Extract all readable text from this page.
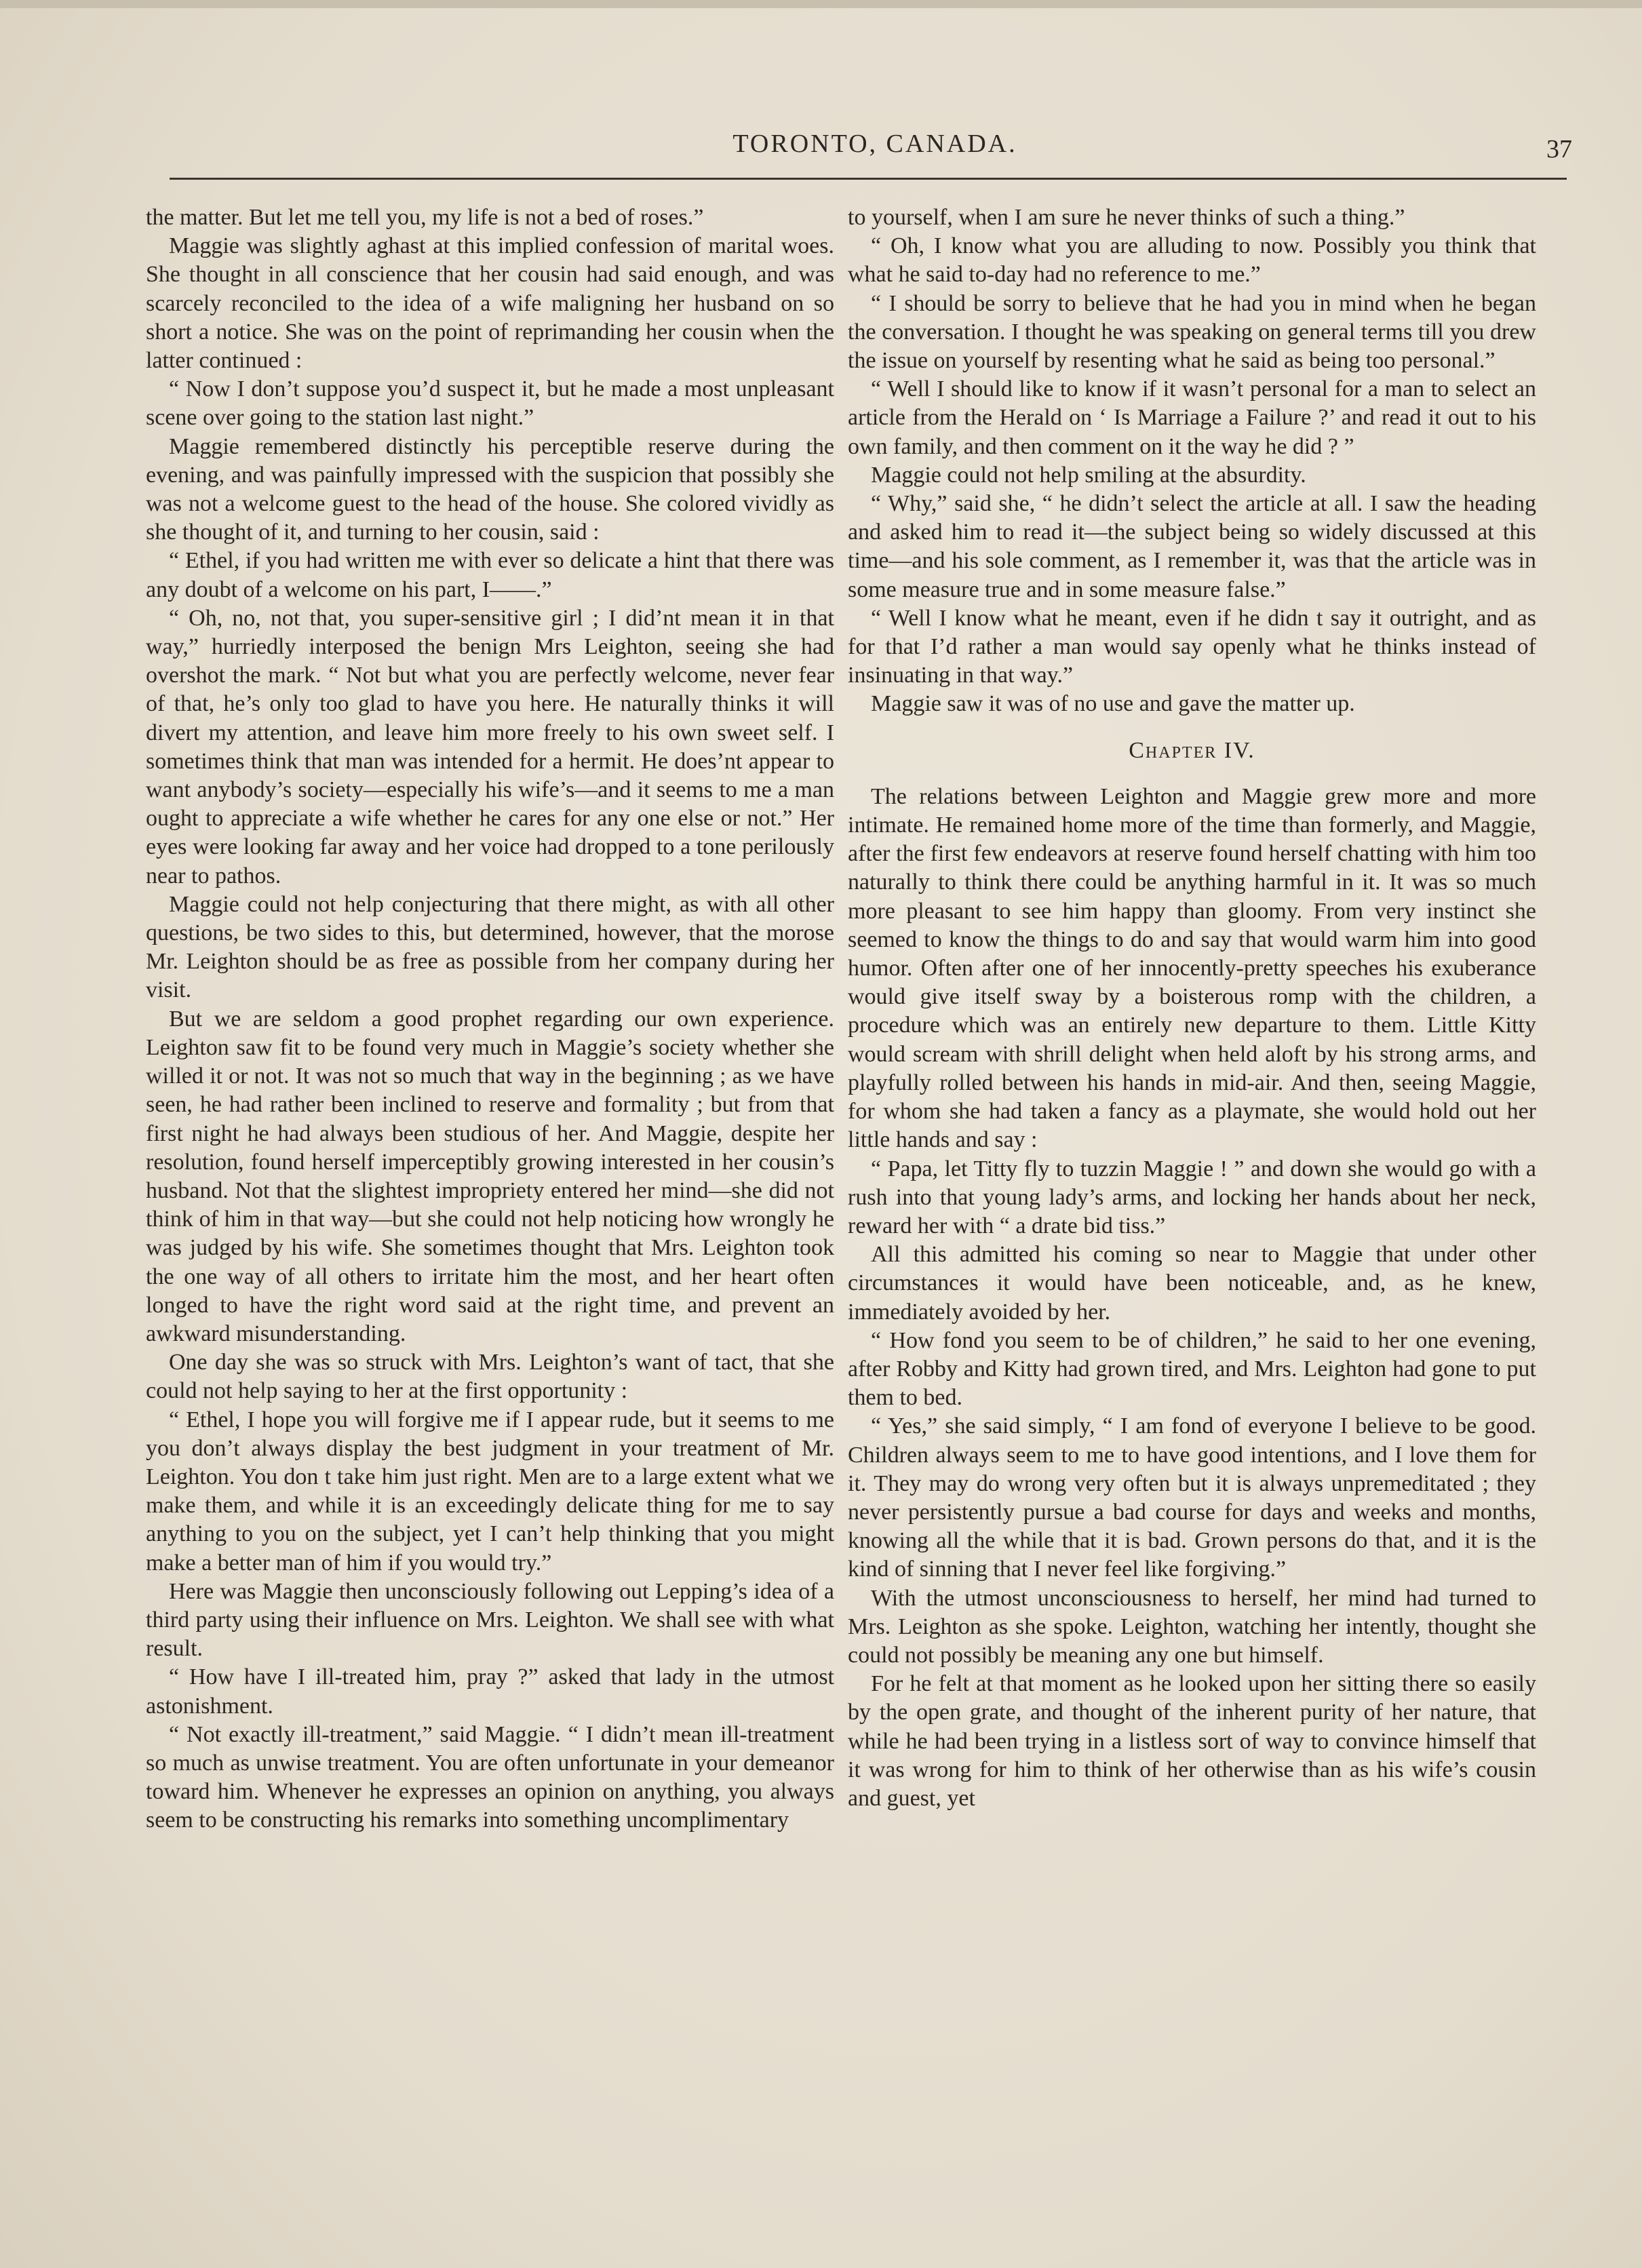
TORONTO, CANADA.	37

the matter. But let me tell you, my life is not a bed of roses.”

Maggie was slightly aghast at this implied confession of marital woes. She thought in all conscience that her cousin had said enough, and was scarcely reconciled to the idea of a wife maligning her husband on so short a notice. She was on the point of reprimanding her cousin when the latter continued :

“ Now I don’t suppose you’d suspect it, but he made a most unpleasant scene over going to the station last night.”

Maggie remembered distinctly his perceptible reserve during the evening, and was painfully impressed with the suspicion that possibly she was not a welcome guest to the head of the house. She colored vividly as she thought of it, and turning to her cousin, said :

“ Ethel, if you had written me with ever so delicate a hint that there was any doubt of a welcome on his part, I——.”

“ Oh, no, not that, you super-sensitive girl ; I did’nt mean it in that way,” hurriedly interposed the benign Mrs Leighton, seeing she had overshot the mark. “ Not but what you are perfectly welcome, never fear of that, he’s only too glad to have you here. He naturally thinks it will divert my attention, and leave him more freely to his own sweet self. I sometimes think that man was intended for a hermit. He does’nt appear to want anybody’s society—especially his wife’s—and it seems to me a man ought to appreciate a wife whether he cares for any one else or not.” Her eyes were looking far away and her voice had dropped to a tone perilously near to pathos.

Maggie could not help conjecturing that there might, as with all other questions, be two sides to this, but determined, however, that the morose Mr. Leighton should be as free as possible from her company during her visit.

But we are seldom a good prophet regarding our own experience. Leighton saw fit to be found very much in Maggie’s society whether she willed it or not. It was not so much that way in the beginning ; as we have seen, he had rather been inclined to reserve and formality ; but from that first night he had always been studious of her. And Maggie, despite her resolution, found herself imperceptibly growing interested in her cousin’s husband. Not that the slightest impropriety entered her mind—she did not think of him in that way—but she could not help noticing how wrongly he was judged by his wife. She sometimes thought that Mrs. Leighton took the one way of all others to irritate him the most, and her heart often longed to have the right word said at the right time, and prevent an awkward misunderstanding.

One day she was so struck with Mrs. Leighton’s want of tact, that she could not help saying to her at the first opportunity :

“ Ethel, I hope you will forgive me if I appear rude, but it seems to me you don’t always display the best judgment in your treatment of Mr. Leighton. You don t take him just right. Men are to a large extent what we make them, and while it is an exceedingly delicate thing for me to say anything to you on the subject, yet I can’t help thinking that you might make a better man of him if you would try.”

Here was Maggie then unconsciously following out Lepping’s idea of a third party using their influence on Mrs. Leighton. We shall see with what result.

“ How have I ill-treated him, pray ?” asked that lady in the utmost astonishment.

“ Not exactly ill-treatment,” said Maggie. “ I didn’t mean ill-treatment so much as unwise treatment. You are often unfortunate in your demeanor toward him. Whenever he expresses an opinion on anything, you always seem to be constructing his remarks into something uncomplimentary

to yourself, when I am sure he never thinks of such a thing.”

“ Oh, I know what you are alluding to now. Possibly you think that what he said to-day had no reference to me.”

“ I should be sorry to believe that he had you in mind when he began the conversation. I thought he was speaking on general terms till you drew the issue on yourself by resenting what he said as being too personal.”

“ Well I should like to know if it wasn’t personal for a man to select an article from the Herald on ‘ Is Marriage a Failure ?’ and read it out to his own family, and then comment on it the way he did ? ”

Maggie could not help smiling at the absurdity.

“ Why,” said she, “ he didn’t select the article at all. I saw the heading and asked him to read it—the subject being so widely discussed at this time—and his sole comment, as I remember it, was that the article was in some measure true and in some measure false.”

“ Well I know what he meant, even if he didn t say it outright, and as for that I’d rather a man would say openly what he thinks instead of insinuating in that way.”

Maggie saw it was of no use and gave the matter up.

Chapter IV.

The relations between Leighton and Maggie grew more and more intimate. He remained home more of the time than formerly, and Maggie, after the first few endeavors at reserve found herself chatting with him too naturally to think there could be anything harmful in it. It was so much more pleasant to see him happy than gloomy. From very instinct she seemed to know the things to do and say that would warm him into good humor. Often after one of her innocently-pretty speeches his exuberance would give itself sway by a boisterous romp with the children, a procedure which was an entirely new departure to them. Little Kitty would scream with shrill delight when held aloft by his strong arms, and playfully rolled between his hands in mid-air. And then, seeing Maggie, for whom she had taken a fancy as a playmate, she would hold out her little hands and say :

“ Papa, let Titty fly to tuzzin Maggie ! ” and down she would go with a rush into that young lady’s arms, and locking her hands about her neck, reward her with “ a drate bid tiss.”

All this admitted his coming so near to Maggie that under other circumstances it would have been noticeable, and, as he knew, immediately avoided by her.

“ How fond you seem to be of children,” he said to her one evening, after Robby and Kitty had grown tired, and Mrs. Leighton had gone to put them to bed.

“ Yes,” she said simply, “ I am fond of everyone I believe to be good. Children always seem to me to have good intentions, and I love them for it. They may do wrong very often but it is always unpremeditated ; they never persistently pursue a bad course for days and weeks and months, knowing all the while that it is bad. Grown persons do that, and it is the kind of sinning that I never feel like forgiving.”

With the utmost unconsciousness to herself, her mind had turned to Mrs. Leighton as she spoke. Leighton, watching her intently, thought she could not possibly be meaning any one but himself.

For he felt at that moment as he looked upon her sitting there so easily by the open grate, and thought of the inherent purity of her nature, that while he had been trying in a listless sort of way to convince himself that it was wrong for him to think of her otherwise than as his wife’s cousin and guest, yet
